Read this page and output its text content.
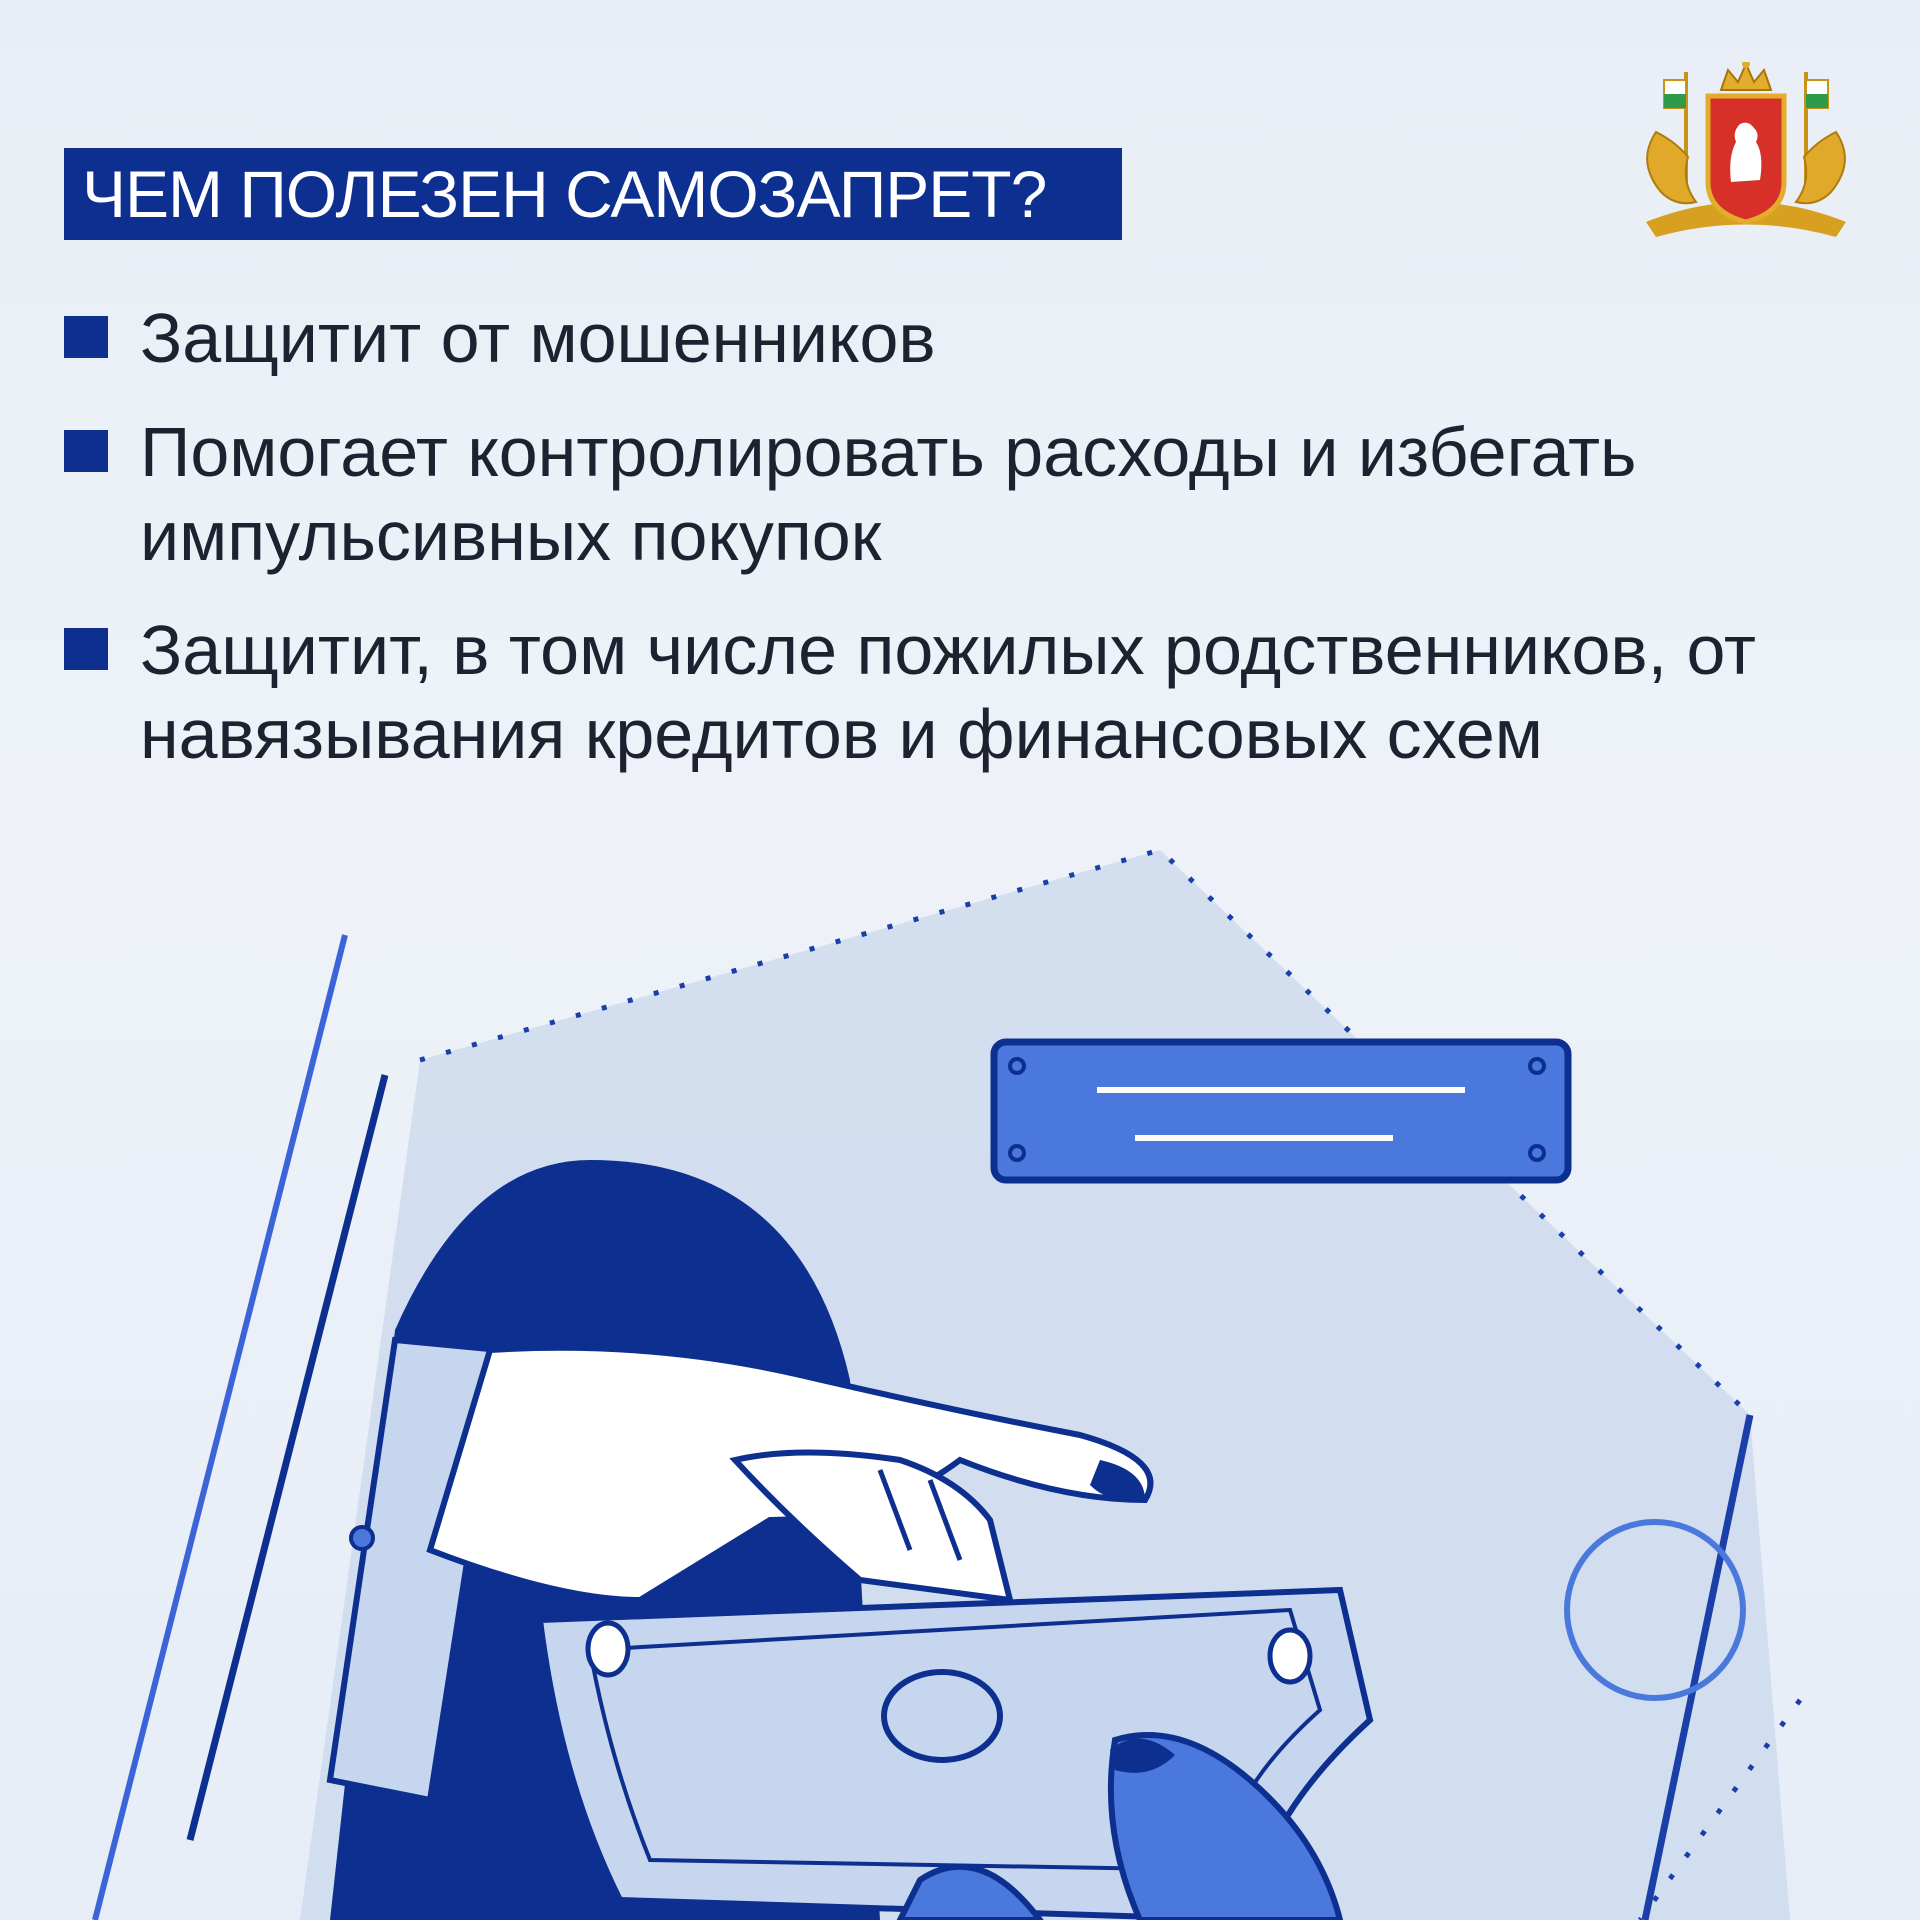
ЧЕМ ПОЛЕЗЕН САМОЗАПРЕТ?
Защитит от мошенников
Помогает контролировать расходы и избегать импульсивных покупок
Защитит, в том числе пожилых родственников, от навязывания кредитов и финансовых схем
